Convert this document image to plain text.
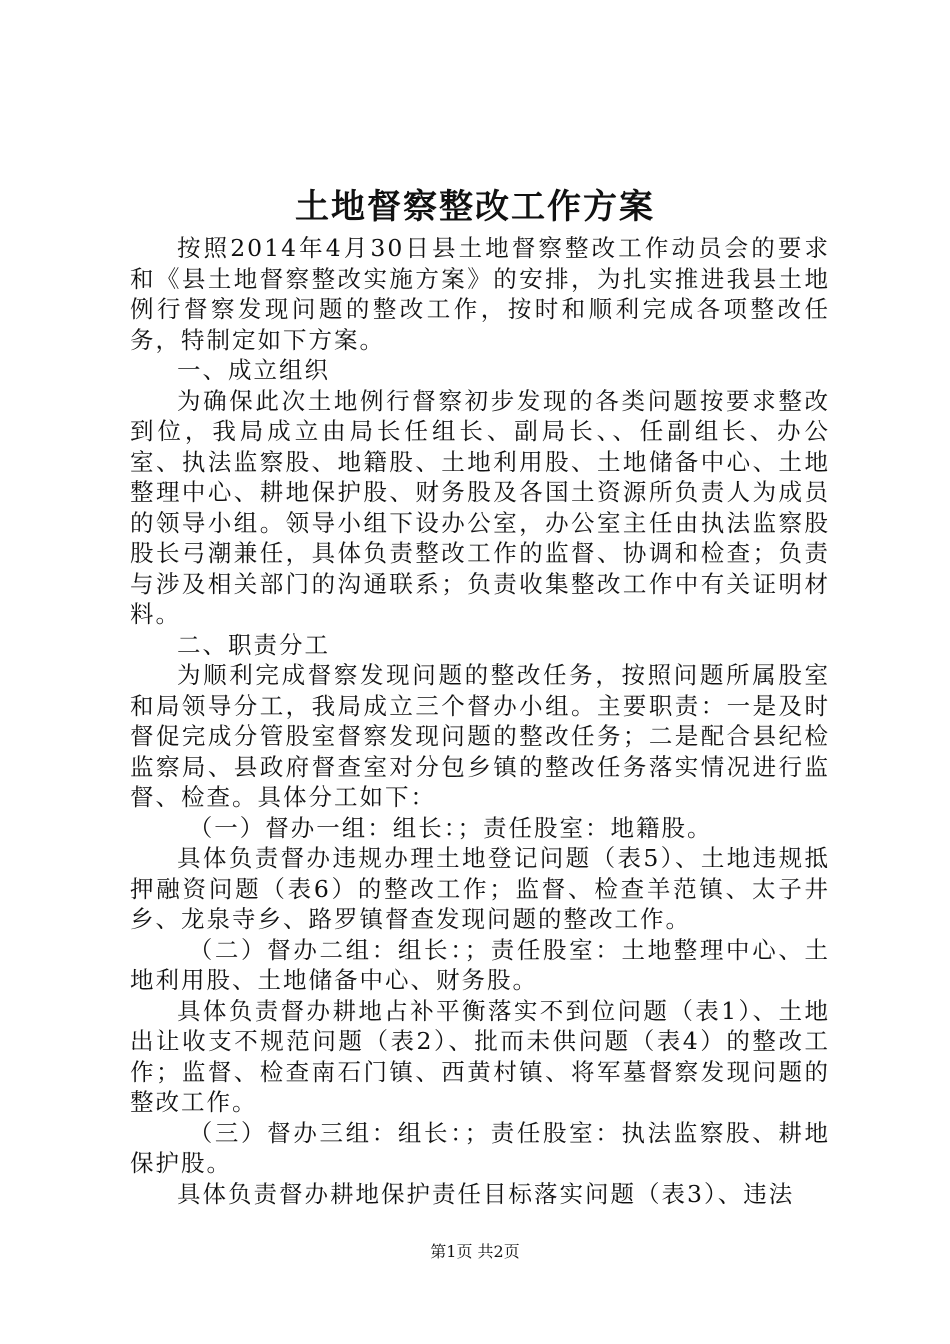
土地督察整改工作方案

按照2014年4月30日县土地督察整改工作动员会的要求和《县土地督察整改实施方案》的安排，为扎实推进我县土地例行督察发现问题的整改工作，按时和顺利完成各项整改任务，特制定如下方案。

一、成立组织

为确保此次土地例行督察初步发现的各类问题按要求整改到位，我局成立由局长任组长、副局长、、任副组长、办公室、执法监察股、地籍股、土地利用股、土地储备中心、土地整理中心、耕地保护股、财务股及各国土资源所负责人为成员的领导小组。领导小组下设办公室，办公室主任由执法监察股股长弓潮兼任，具体负责整改工作的监督、协调和检查；负责与涉及相关部门的沟通联系；负责收集整改工作中有关证明材料。

二、职责分工

为顺利完成督察发现问题的整改任务，按照问题所属股室和局领导分工，我局成立三个督办小组。主要职责：一是及时督促完成分管股室督察发现问题的整改任务；二是配合县纪检监察局、县政府督查室对分包乡镇的整改任务落实情况进行监督、检查。具体分工如下：

（一）督办一组：组长：；责任股室：地籍股。

具体负责督办违规办理土地登记问题（表5）、土地违规抵押融资问题（表6）的整改工作；监督、检查羊范镇、太子井乡、龙泉寺乡、路罗镇督查发现问题的整改工作。

（二）督办二组：组长：；责任股室：土地整理中心、土地利用股、土地储备中心、财务股。

具体负责督办耕地占补平衡落实不到位问题（表1）、土地出让收支不规范问题（表2）、批而未供问题（表4）的整改工作；监督、检查南石门镇、西黄村镇、将军墓督察发现问题的整改工作。

（三）督办三组：组长：；责任股室：执法监察股、耕地保护股。

具体负责督办耕地保护责任目标落实问题（表3）、违法

第1页 共2页
